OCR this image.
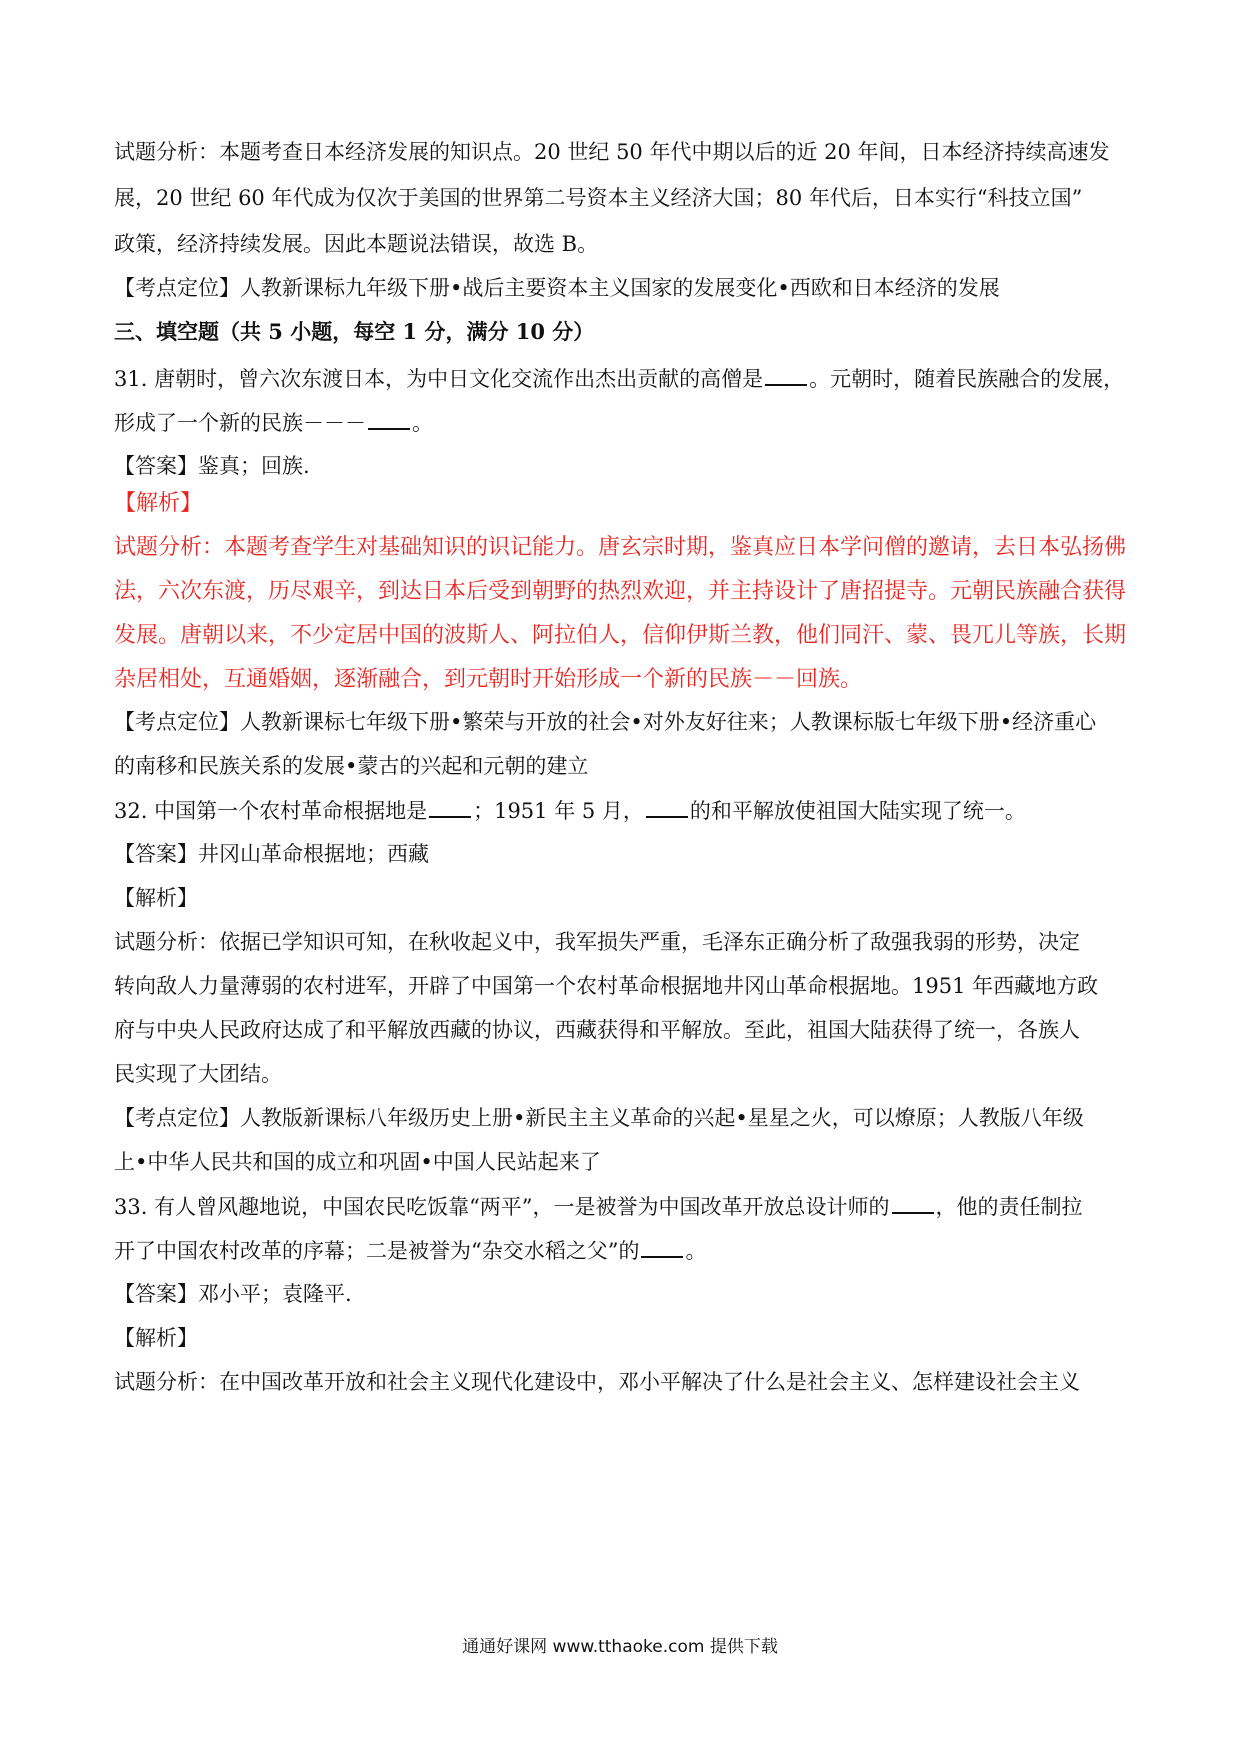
试题分析：本题考查日本经济发展的知识点。20 世纪 50 年代中期以后的近 20 年间，日本经济持续高速发
展，20 世纪 60 年代成为仅次于美国的世界第二号资本主义经济大国；80 年代后，日本实行“科技立国”
政策，经济持续发展。因此本题说法错误，故选 B。
【考点定位】人教新课标九年级下册•战后主要资本主义国家的发展变化•西欧和日本经济的发展
三、填空题（共 5 小题，每空 1 分，满分 10 分）
31. 唐朝时，曾六次东渡日本，为中日文化交流作出杰出贡献的高僧是 。元朝时，随着民族融合的发展，
形成了一个新的民族－－－ 。
【答案】鉴真；回族.
【解析】
试题分析：本题考查学生对基础知识的识记能力。唐玄宗时期，鉴真应日本学问僧的邀请，去日本弘扬佛
法，六次东渡，历尽艰辛，到达日本后受到朝野的热烈欢迎，并主持设计了唐招提寺。元朝民族融合获得
发展。唐朝以来，不少定居中国的波斯人、阿拉伯人，信仰伊斯兰教，他们同汗、蒙、畏兀儿等族，长期
杂居相处，互通婚姻，逐渐融合，到元朝时开始形成一个新的民族－－回族。
【考点定位】人教新课标七年级下册•繁荣与开放的社会•对外友好往来；人教课标版七年级下册•经济重心
的南移和民族关系的发展•蒙古的兴起和元朝的建立
32. 中国第一个农村革命根据地是 ；1951 年 5 月， 的和平解放使祖国大陆实现了统一。
【答案】井冈山革命根据地；西藏
【解析】
试题分析：依据已学知识可知，在秋收起义中，我军损失严重，毛泽东正确分析了敌强我弱的形势，决定
转向敌人力量薄弱的农村进军，开辟了中国第一个农村革命根据地井冈山革命根据地。1951 年西藏地方政
府与中央人民政府达成了和平解放西藏的协议，西藏获得和平解放。至此，祖国大陆获得了统一，各族人
民实现了大团结。
【考点定位】人教版新课标八年级历史上册•新民主主义革命的兴起•星星之火，可以燎原；人教版八年级
上•中华人民共和国的成立和巩固•中国人民站起来了
33. 有人曾风趣地说，中国农民吃饭靠“两平”，一是被誉为中国改革开放总设计师的 ，他的责任制拉
开了中国农村改革的序幕；二是被誉为“杂交水稻之父”的 。
【答案】邓小平；袁隆平.
【解析】
试题分析：在中国改革开放和社会主义现代化建设中，邓小平解决了什么是社会主义、怎样建设社会主义
通通好课网 www.tthaoke.com 提供下载
